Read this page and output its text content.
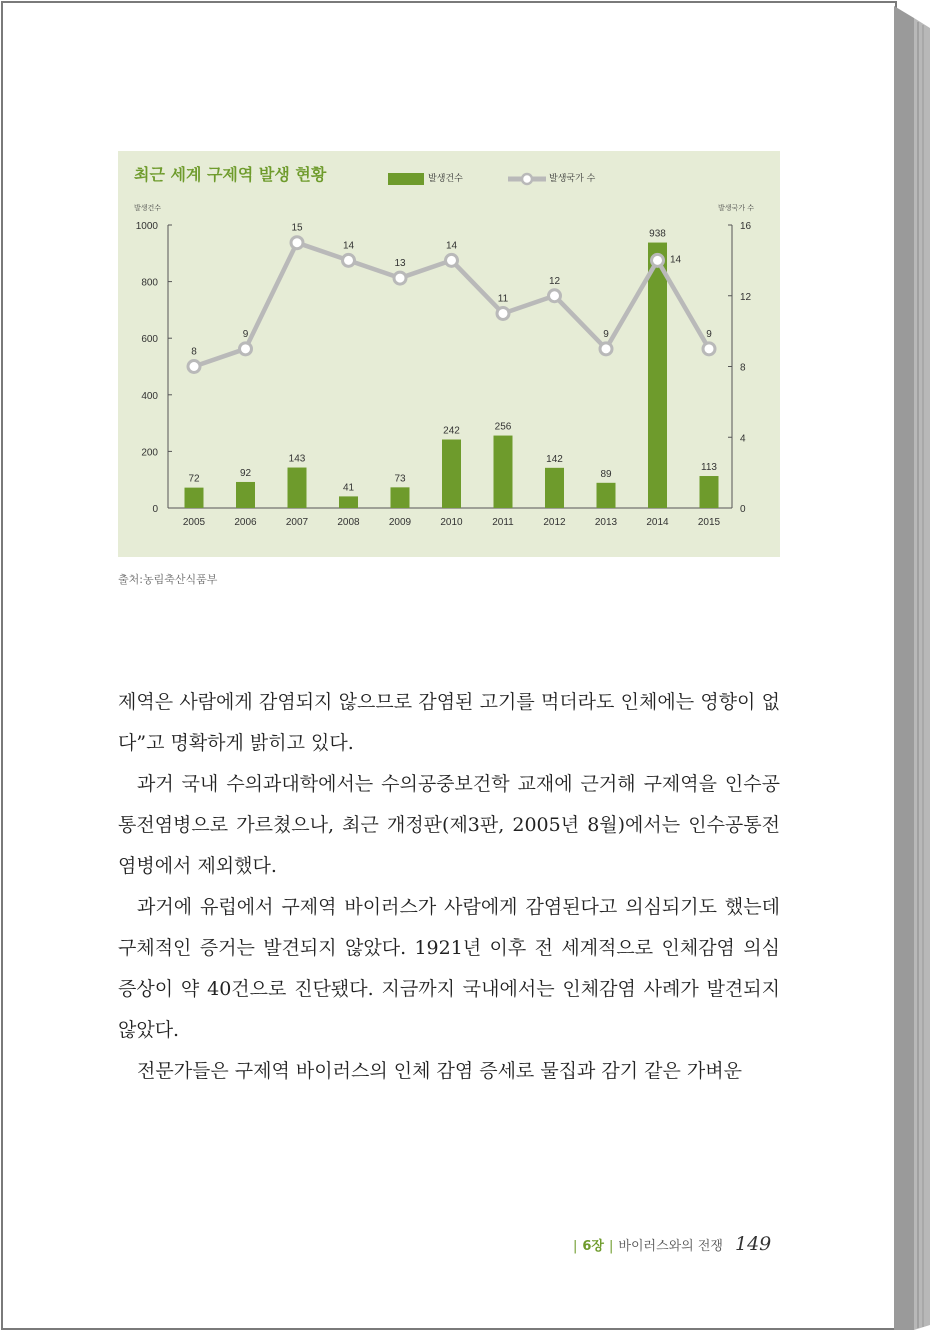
0
200
400
600
800
1000
0
4
8
12
16
72
92
143
41
73
242	256
142
89
938
113
2005	2006	2007	2008	2009	2010	2011	2012	2013	2014	2015
8
9
15
14
13
14
11
12
9
14
9
최근 세계 구제역 발생 현황	발생건수	발생국가 수
발생건수	발생국가 수
출처:농림축산식품부

제역은 사람에게 감염되지 않으므로 감염된 고기를 먹더라도 인체에는 영향이 없다”고 명확하게 밝히고 있다.

과거 국내 수의과대학에서는 수의공중보건학 교재에 근거해 구제역을 인수공통전염병으로 가르쳤으나, 최근 개정판(제3판, 2005년 8월)에서는 인수공통전염병에서 제외했다.

과거에 유럽에서 구제역 바이러스가 사람에게 감염된다고 의심되기도 했는데 구체적인 증거는 발견되지 않았다. 1921년 이후 전 세계적으로 인체감염 의심 증상이 약 40건으로 진단됐다. 지금까지 국내에서는 인체감염 사례가 발견되지 않았다.

전문가들은 구제역 바이러스의 인체 감염 증세로 물집과 감기 같은 가벼운

| 6장 | 바이러스와의 전쟁 149
